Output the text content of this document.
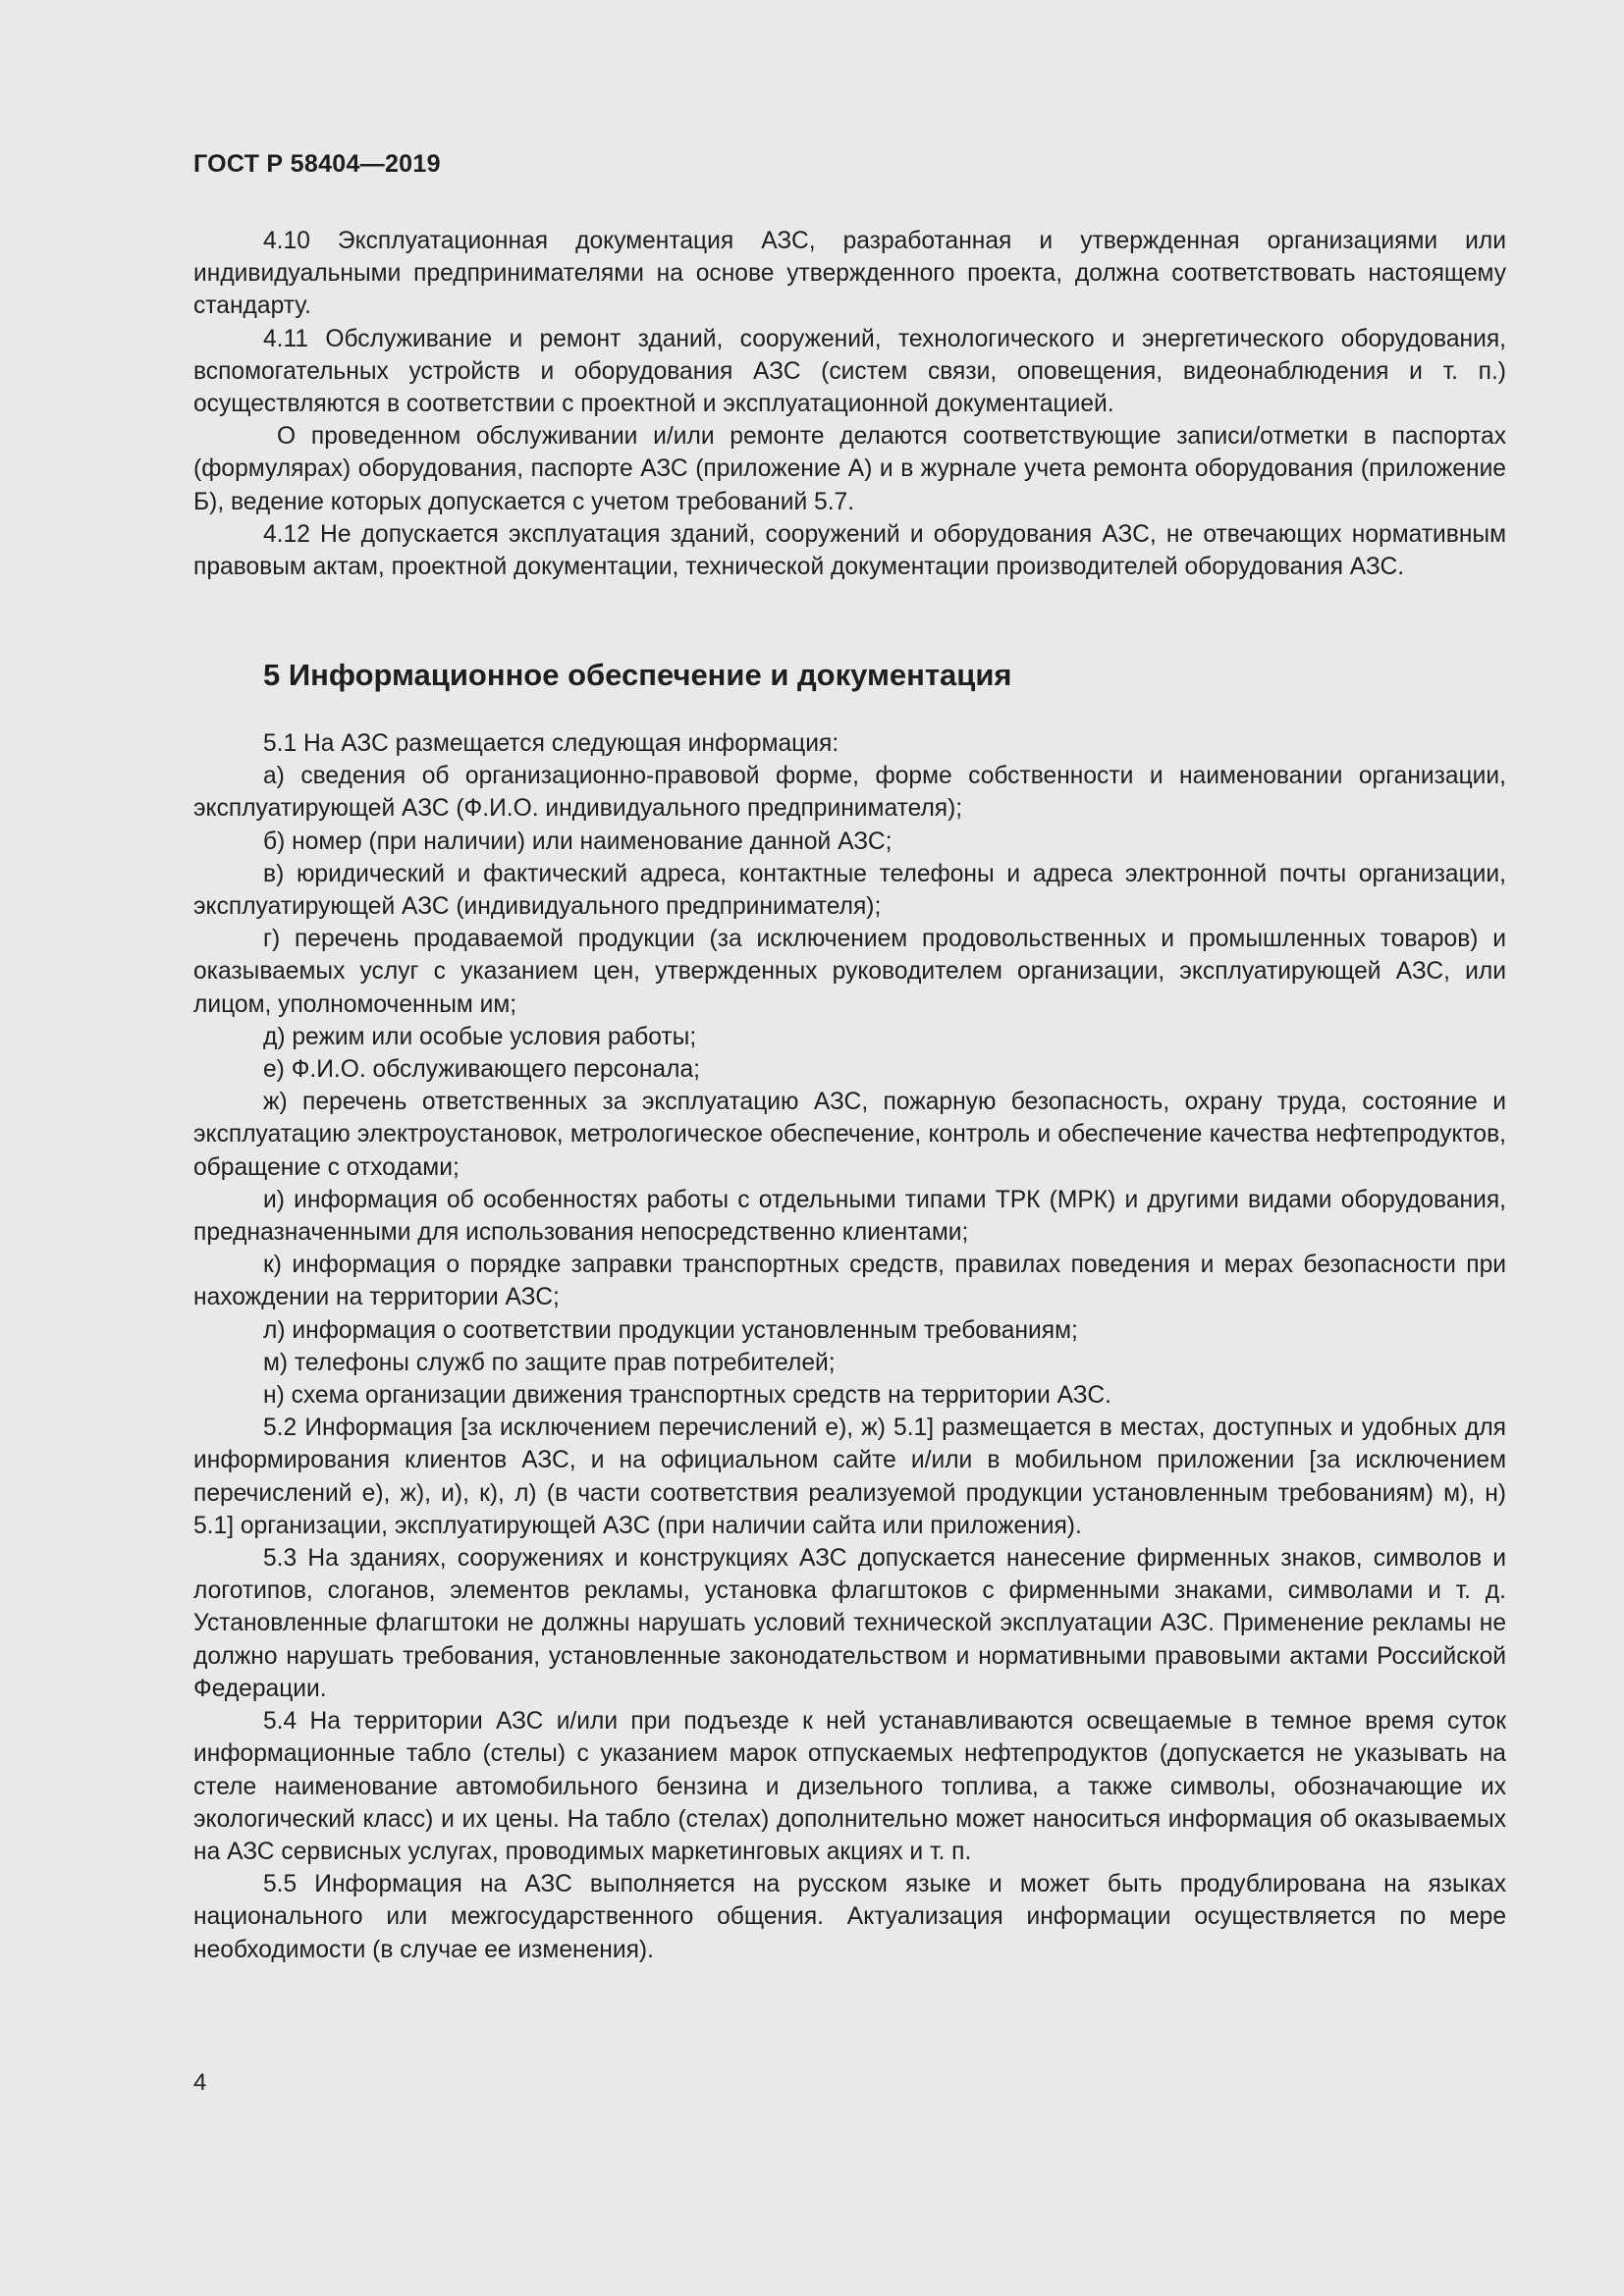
ГОСТ Р 58404—2019

4.10 Эксплуатационная документация АЗС, разработанная и утвержденная организациями или индивидуальными предпринимателями на основе утвержденного проекта, должна соответствовать настоящему стандарту.

4.11 Обслуживание и ремонт зданий, сооружений, технологического и энергетического оборудования, вспомогательных устройств и оборудования АЗС (систем связи, оповещения, видеонаблюдения и т. п.) осуществляются в соответствии с проектной и эксплуатационной документацией.

О проведенном обслуживании и/или ремонте делаются соответствующие записи/отметки в паспортах (формулярах) оборудования, паспорте АЗС (приложение А) и в журнале учета ремонта оборудования (приложение Б), ведение которых допускается с учетом требований 5.7.

4.12 Не допускается эксплуатация зданий, сооружений и оборудования АЗС, не отвечающих нормативным правовым актам, проектной документации, технической документации производителей оборудования АЗС.

5 Информационное обеспечение и документация

5.1 На АЗС размещается следующая информация:

а) сведения об организационно-правовой форме, форме собственности и наименовании организации, эксплуатирующей АЗС (Ф.И.О. индивидуального предпринимателя);

б) номер (при наличии) или наименование данной АЗС;

в) юридический и фактический адреса, контактные телефоны и адреса электронной почты организации, эксплуатирующей АЗС (индивидуального предпринимателя);

г) перечень продаваемой продукции (за исключением продовольственных и промышленных товаров) и оказываемых услуг с указанием цен, утвержденных руководителем организации, эксплуатирующей АЗС, или лицом, уполномоченным им;

д) режим или особые условия работы;

е) Ф.И.О. обслуживающего персонала;

ж) перечень ответственных за эксплуатацию АЗС, пожарную безопасность, охрану труда, состояние и эксплуатацию электроустановок, метрологическое обеспечение, контроль и обеспечение качества нефтепродуктов, обращение с отходами;

и) информация об особенностях работы с отдельными типами ТРК (МРК) и другими видами оборудования, предназначенными для использования непосредственно клиентами;

к) информация о порядке заправки транспортных средств, правилах поведения и мерах безопасности при нахождении на территории АЗС;

л) информация о соответствии продукции установленным требованиям;

м) телефоны служб по защите прав потребителей;

н) схема организации движения транспортных средств на территории АЗС.

5.2 Информация [за исключением перечислений е), ж) 5.1] размещается в местах, доступных и удобных для информирования клиентов АЗС, и на официальном сайте и/или в мобильном приложении [за исключением перечислений е), ж), и), к), л) (в части соответствия реализуемой продукции установленным требованиям) м), н) 5.1] организации, эксплуатирующей АЗС (при наличии сайта или приложения).

5.3 На зданиях, сооружениях и конструкциях АЗС допускается нанесение фирменных знаков, символов и логотипов, слоганов, элементов рекламы, установка флагштоков с фирменными знаками, символами и т. д. Установленные флагштоки не должны нарушать условий технической эксплуатации АЗС. Применение рекламы не должно нарушать требования, установленные законодательством и нормативными правовыми актами Российской Федерации.

5.4 На территории АЗС и/или при подъезде к ней устанавливаются освещаемые в темное время суток информационные табло (стелы) с указанием марок отпускаемых нефтепродуктов (допускается не указывать на стеле наименование автомобильного бензина и дизельного топлива, а также символы, обозначающие их экологический класс) и их цены. На табло (стелах) дополнительно может наноситься информация об оказываемых на АЗС сервисных услугах, проводимых маркетинговых акциях и т. п.

5.5 Информация на АЗС выполняется на русском языке и может быть продублирована на языках национального или межгосударственного общения. Актуализация информации осуществляется по мере необходимости (в случае ее изменения).

4
